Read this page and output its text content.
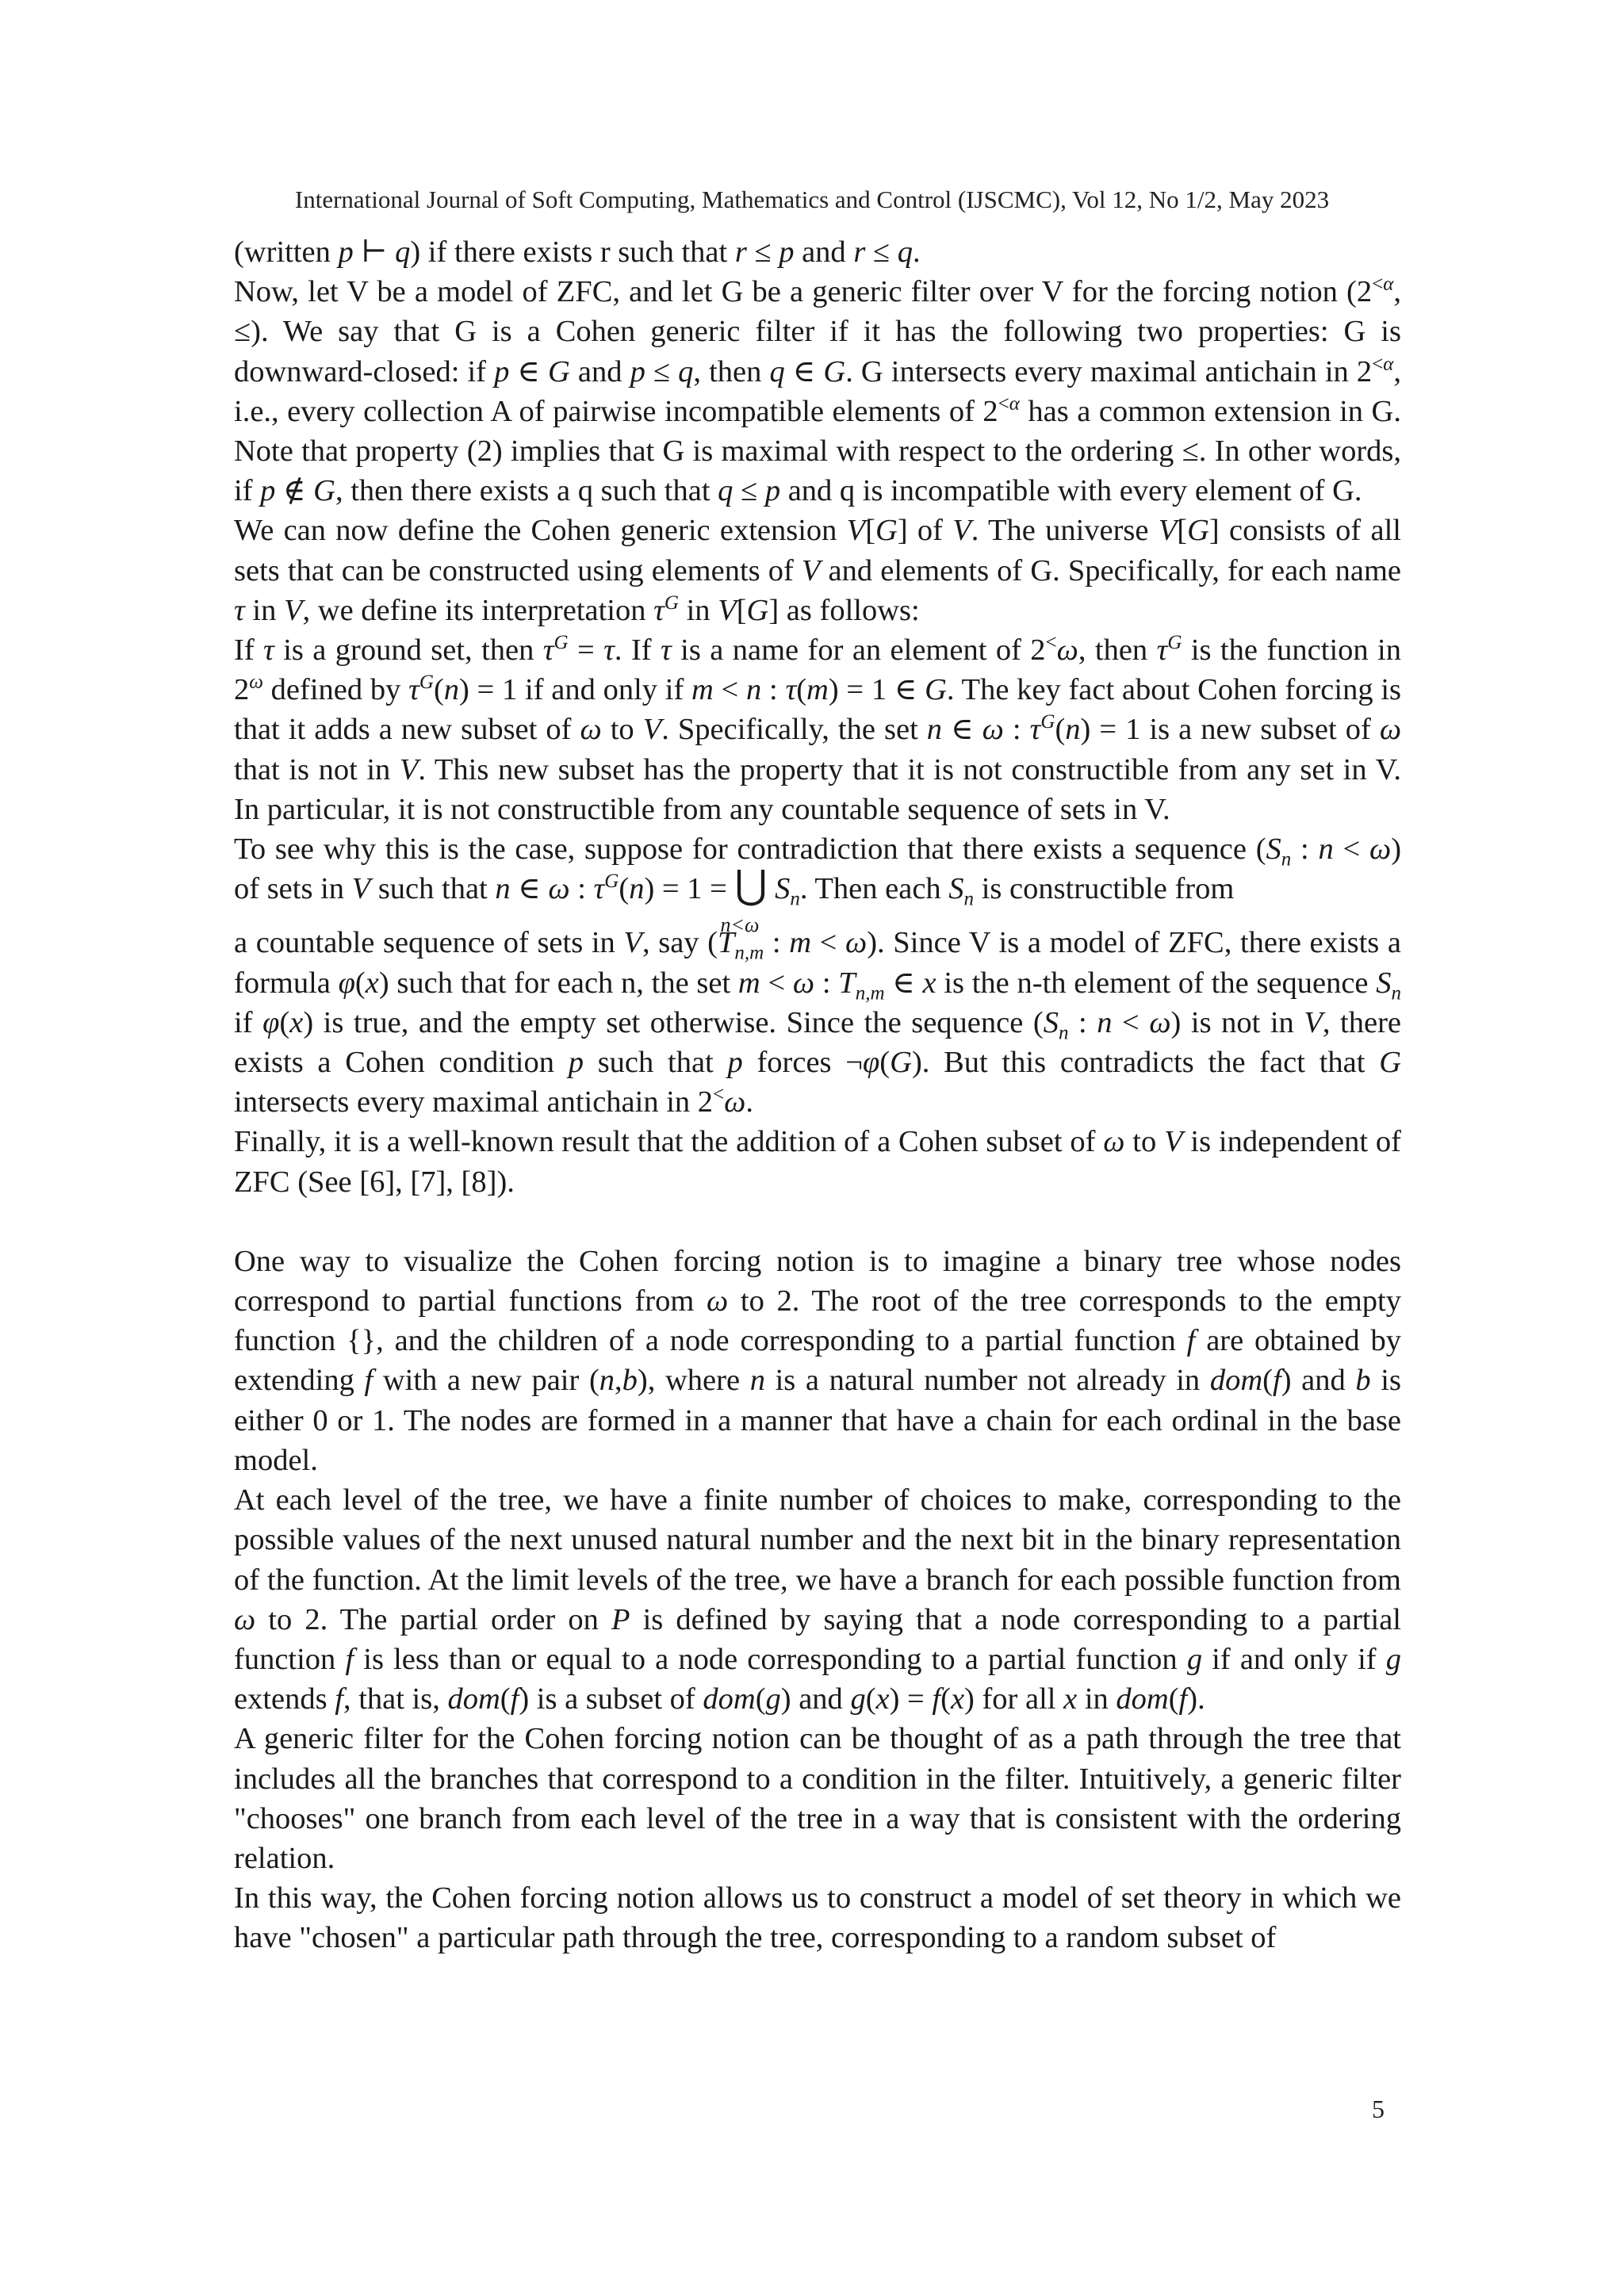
International Journal of Soft Computing, Mathematics and Control (IJSCMC), Vol 12, No 1/2, May 2023

(written p ⊢ q) if there exists r such that r ≤ p and r ≤ q.

Now, let V be a model of ZFC, and let G be a generic filter over V for the forcing notion ($2^{<\alpha}$, ≤). We say that G is a Cohen generic filter if it has the following two properties: G is downward-closed: if p ∈ G and p ≤ q, then q ∈ G. G intersects every maximal antichain in $2^{<\alpha}$, i.e., every collection A of pairwise incompatible elements of $2^{<\alpha}$ has a common extension in G. Note that property (2) implies that G is maximal with respect to the ordering ≤. In other words, if p ∉ G, then there exists a q such that q ≤ p and q is incompatible with every element of G.

We can now define the Cohen generic extension V[G] of V. The universe V[G] consists of all sets that can be constructed using elements of V and elements of G. Specifically, for each name τ in V, we define its interpretation $\tau^G$ in V[G] as follows:

If τ is a ground set, then $\tau^G = \tau$. If τ is a name for an element of 2<ω, then $\tau^G$ is the function in $2^\omega$ defined by $\tau^G(n) = 1$ if and only if m < n : τ(m) = 1 ∈ G. The key fact about Cohen forcing is that it adds a new subset of ω to V. Specifically, the set n ∈ ω : $\tau^G(n) = 1$ is a new subset of ω that is not in V. This new subset has the property that it is not constructible from any set in V. In particular, it is not constructible from any countable sequence of sets in V.

To see why this is the case, suppose for contradiction that there exists a sequence ($S_n$ : n < ω) of sets in V such that n ∈ ω : $\tau^G(n) = 1$ = ⋃
n<ω
$S_n$. Then each $S_n$ is constructible from
a countable sequence of sets in V, say ($T_{n,m}$ : m < ω). Since V is a model of ZFC, there exists a formula φ(x) such that for each n, the set m < ω : $T_{n,m}$ ∈ x is the n-th element of the sequence $S_n$ if φ(x) is true, and the empty set otherwise. Since the sequence ($S_n$ : n < ω) is not in V, there exists a Cohen condition p such that p forces ¬φ(G). But this contradicts the fact that G intersects every maximal antichain in 2<ω.

Finally, it is a well-known result that the addition of a Cohen subset of ω to V is independent of ZFC (See [6], [7], [8]).

One way to visualize the Cohen forcing notion is to imagine a binary tree whose nodes correspond to partial functions from ω to 2. The root of the tree corresponds to the empty function {}, and the children of a node corresponding to a partial function f are obtained by extending f with a new pair (n,b), where n is a natural number not already in dom(f) and b is either 0 or 1. The nodes are formed in a manner that have a chain for each ordinal in the base model.

At each level of the tree, we have a finite number of choices to make, corresponding to the possible values of the next unused natural number and the next bit in the binary representation of the function. At the limit levels of the tree, we have a branch for each possible function from ω to 2. The partial order on P is defined by saying that a node corresponding to a partial function f is less than or equal to a node corresponding to a partial function g if and only if g extends f, that is, dom(f) is a subset of dom(g) and g(x) = f(x) for all x in dom(f).

A generic filter for the Cohen forcing notion can be thought of as a path through the tree that includes all the branches that correspond to a condition in the filter. Intuitively, a generic filter "chooses" one branch from each level of the tree in a way that is consistent with the ordering relation.

In this way, the Cohen forcing notion allows us to construct a model of set theory in which we have "chosen" a particular path through the tree, corresponding to a random subset of

5
